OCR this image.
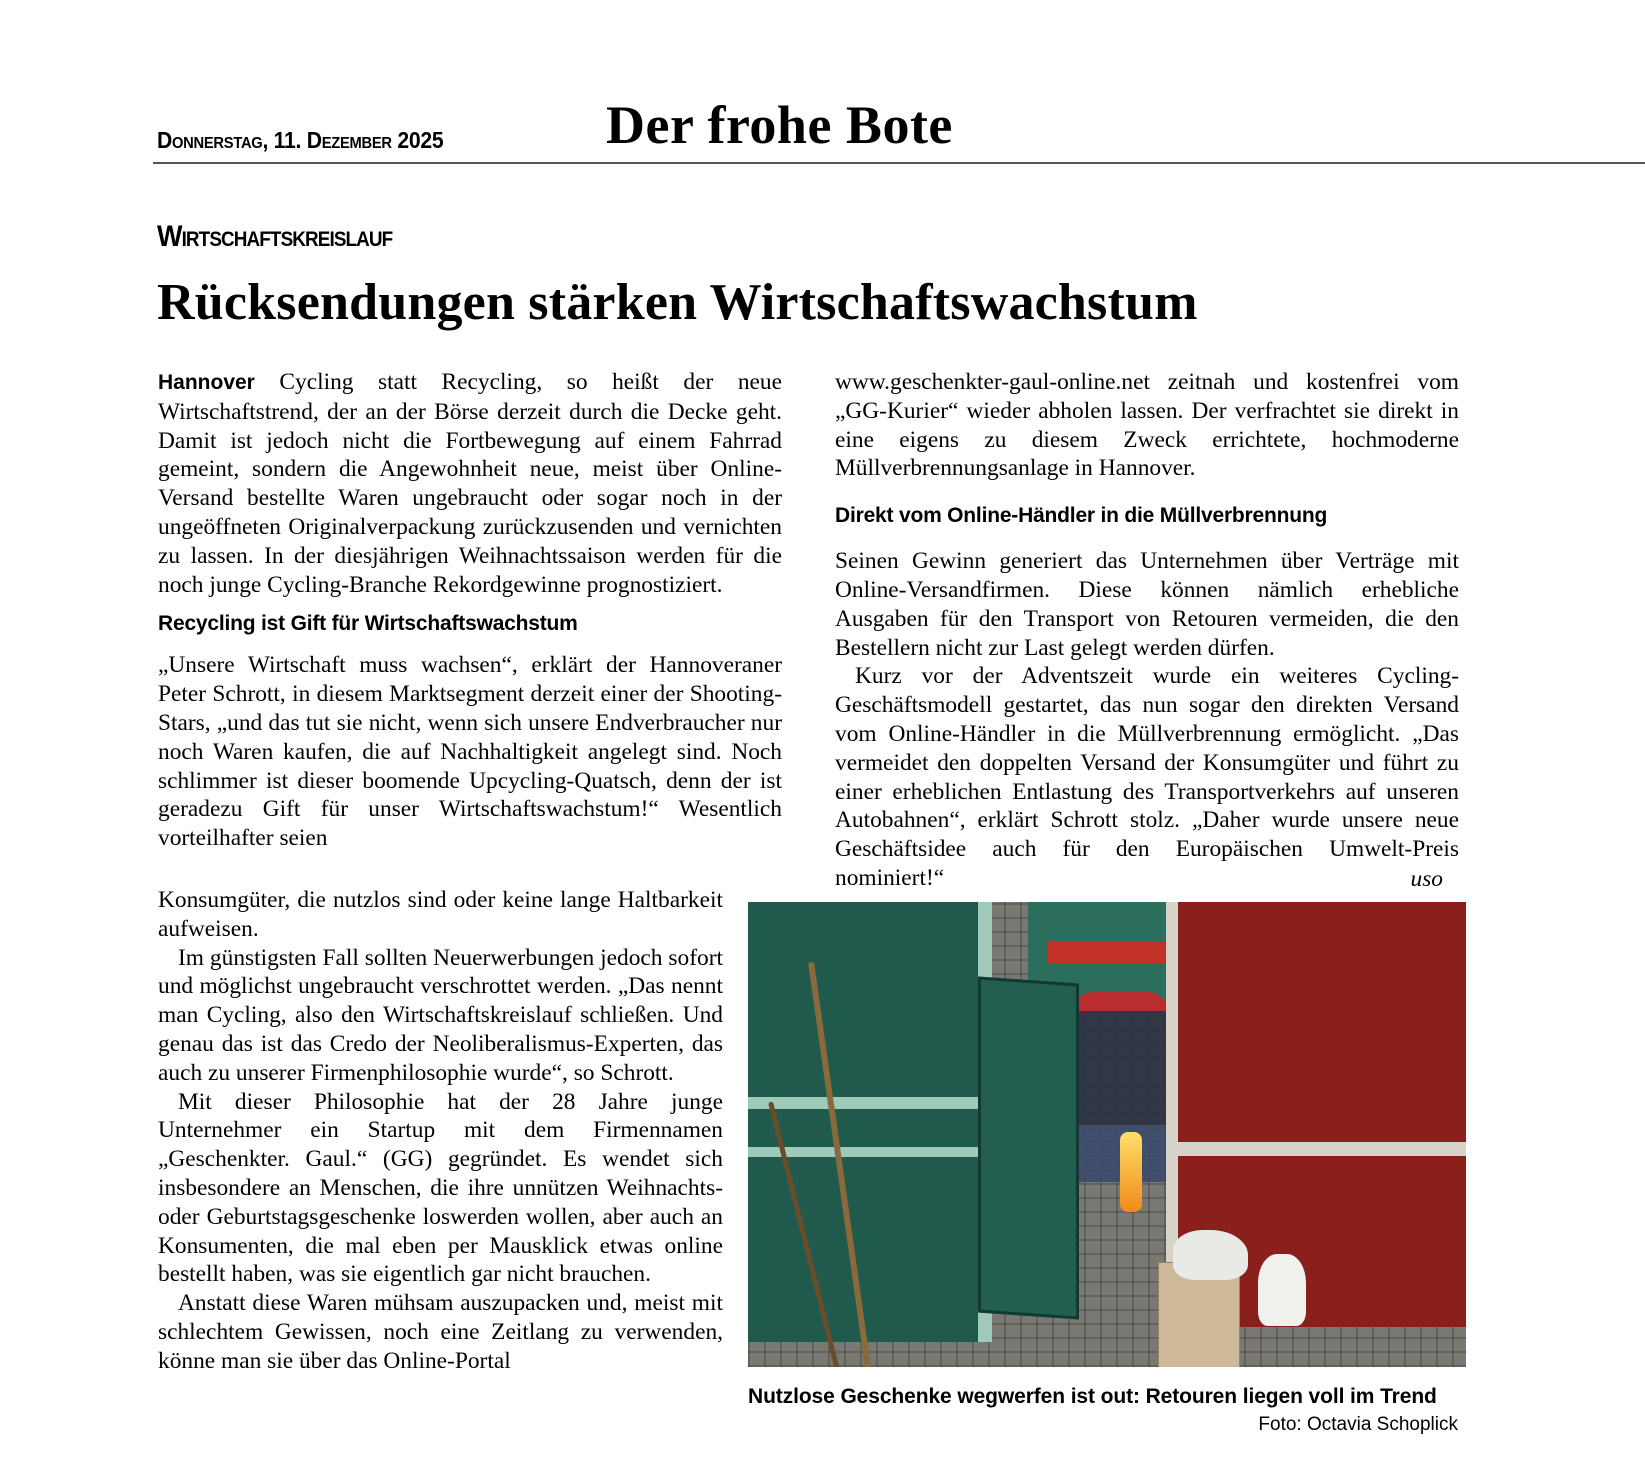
Donnerstag, 11. Dezember 2025	Der frohe Bote
Wirtschaftskreislauf
Rücksendungen stärken Wirtschaftswachstum

Hannover Cycling statt Recycling, so heißt der neue Wirtschaftstrend, der an der Börse derzeit durch die Decke geht. Damit ist jedoch nicht die Fortbewegung auf einem Fahrrad gemeint, sondern die Angewohnheit neue, meist über Online-Versand bestellte Waren ungebraucht oder sogar noch in der ungeöffneten Originalverpackung zurückzusenden und vernichten zu lassen. In der diesjährigen Weihnachtssaison werden für die noch junge Cycling-Branche Rekordgewinne prognostiziert.

Recycling ist Gift für Wirtschaftswachstum

„Unsere Wirtschaft muss wachsen“, erklärt der Hannoveraner Peter Schrott, in diesem Marktsegment derzeit einer der Shooting-Stars, „und das tut sie nicht, wenn sich unsere Endverbraucher nur noch Waren kaufen, die auf Nachhaltigkeit angelegt sind. Noch schlimmer ist dieser boomende Upcycling-Quatsch, denn der ist geradezu Gift für unser Wirtschaftswachstum!“ Wesentlich vorteilhafter seien

Konsumgüter, die nutzlos sind oder keine lange Haltbarkeit aufweisen.

Im günstigsten Fall sollten Neuerwerbungen jedoch sofort und möglichst ungebraucht verschrottet werden. „Das nennt man Cycling, also den Wirtschaftskreislauf schließen. Und genau das ist das Credo der Neoliberalismus-Experten, das auch zu unserer Firmenphilosophie wurde“, so Schrott.

Mit dieser Philosophie hat der 28 Jahre junge Unternehmer ein Startup mit dem Firmennamen „Geschenkter. Gaul.“ (GG) gegründet. Es wendet sich insbesondere an Menschen, die ihre unnützen Weihnachts- oder Geburtstagsgeschenke loswerden wollen, aber auch an Konsumenten, die mal eben per Mausklick etwas online bestellt haben, was sie eigentlich gar nicht brauchen.

Anstatt diese Waren mühsam auszupacken und, meist mit schlechtem Gewissen, noch eine Zeitlang zu verwenden, könne man sie über das Online-Portal

www.geschenkter-gaul-online.net zeitnah und kostenfrei vom „GG-Kurier“ wieder abholen lassen. Der verfrachtet sie direkt in eine eigens zu diesem Zweck errichtete, hochmoderne Müllverbrennungsanlage in Hannover.

Direkt vom Online-Händler in die Müllverbrennung

Seinen Gewinn generiert das Unternehmen über Verträge mit Online-Versandfirmen. Diese können nämlich erhebliche Ausgaben für den Transport von Retouren vermeiden, die den Bestellern nicht zur Last gelegt werden dürfen.

Kurz vor der Adventszeit wurde ein weiteres Cycling-Geschäftsmodell gestartet, das nun sogar den direkten Versand vom Online-Händler in die Müllverbrennung ermöglicht. „Das vermeidet den doppelten Versand der Konsumgüter und führt zu einer erheblichen Entlastung des Transportverkehrs auf unseren Autobahnen“, erklärt Schrott stolz. „Daher wurde unsere neue Geschäftsidee auch für den Europäischen Umwelt-Preis nominiert!“	uso
Nutzlose Geschenke wegwerfen ist out: Retouren liegen voll im Trend
Foto: Octavia Schoplick
